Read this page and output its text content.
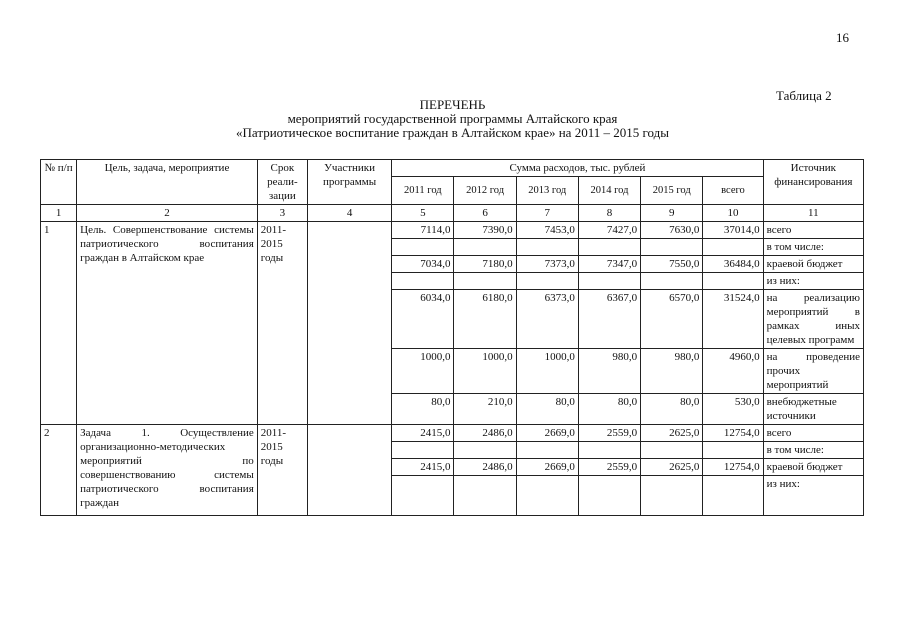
16
Таблица 2
ПЕРЕЧЕНЬ
мероприятий государственной программы Алтайского края
«Патриотическое воспитание граждан в Алтайском крае» на 2011 – 2015 годы
№ п/п	Цель, задача, мероприятие	Срок реали-зации	Участники программы	Сумма расходов, тыс. рублей						Источник финансирования
				2011 год	2012 год	2013 год	2014 год	2015 год	всего	
1	2	3	4	5	6	7	8	9	10	11
1	Цель. Совершенствование системы патриотического воспитания граждан в Алтайском крае	2011-2015 годы		7114,0	7390,0	7453,0	7427,0	7630,0	37014,0	всего
										в том числе:
				7034,0	7180,0	7373,0	7347,0	7550,0	36484,0	краевой бюджет
										из них:
				6034,0	6180,0	6373,0	6367,0	6570,0	31524,0	на реализацию мероприятий в рамках иных целевых программ
				1000,0	1000,0	1000,0	980,0	980,0	4960,0	на проведение прочих мероприятий
				80,0	210,0	80,0	80,0	80,0	530,0	внебюджетные источники
2	Задача 1. Осуществление организационно-методических мероприятий по совершенствованию системы патриотического воспитания граждан	2011-2015 годы		2415,0	2486,0	2669,0	2559,0	2625,0	12754,0	всего
										в том числе:
				2415,0	2486,0	2669,0	2559,0	2625,0	12754,0	краевой бюджет
										из них:
